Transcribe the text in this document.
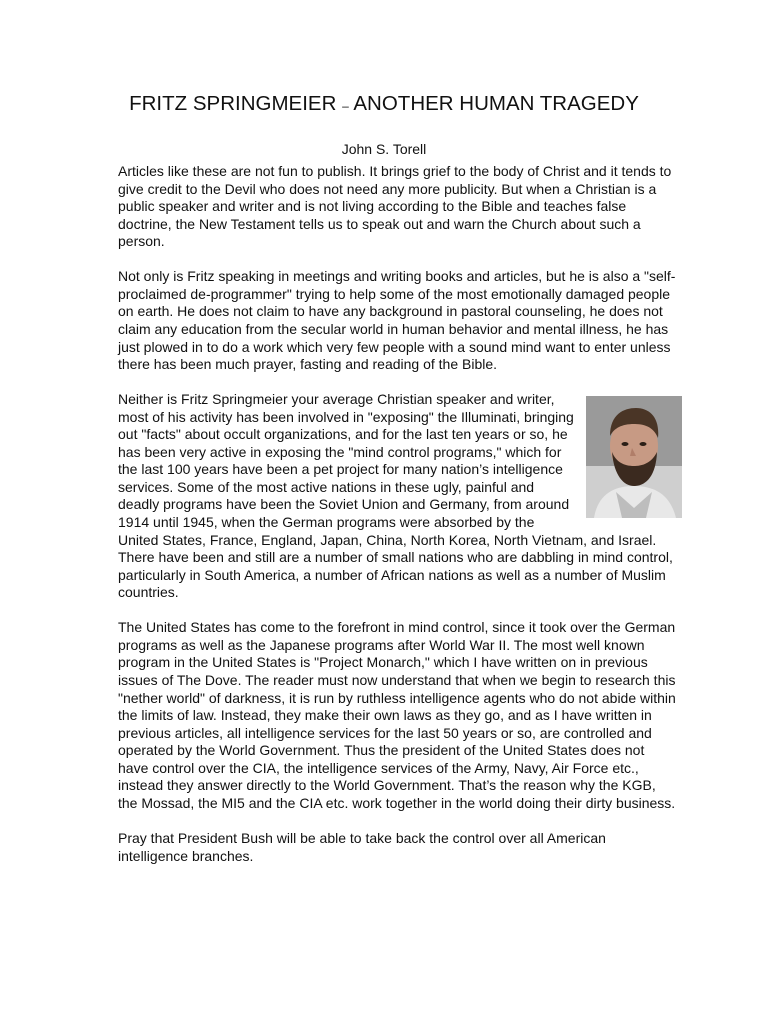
FRITZ SPRINGMEIER – ANOTHER HUMAN TRAGEDY
John S. Torell

Articles like these are not fun to publish. It brings grief to the body of Christ and it tends to give credit to the Devil who does not need any more publicity. But when a Christian is a public speaker and writer and is not living according to the Bible and teaches false doctrine, the New Testament tells us to speak out and warn the Church about such a person.

Not only is Fritz speaking in meetings and writing books and articles, but he is also a "self-proclaimed de-programmer" trying to help some of the most emotionally damaged people on earth. He does not claim to have any background in pastoral counseling, he does not claim any education from the secular world in human behavior and mental illness, he has just plowed in to do a work which very few people with a sound mind want to enter unless there has been much prayer, fasting and reading of the Bible.

Neither is Fritz Springmeier your average Christian speaker and writer, most of his activity has been involved in "exposing" the Illuminati, bringing out "facts" about occult organizations, and for the last ten years or so, he has been very active in exposing the "mind control programs," which for the last 100 years have been a pet project for many nation’s intelligence services. Some of the most active nations in these ugly, painful and deadly programs have been the Soviet Union and Germany, from around 1914 until 1945, when the German programs were absorbed by the United States, France, England, Japan, China, North Korea, North Vietnam, and Israel. There have been and still are a number of small nations who are dabbling in mind control, particularly in South America, a number of African nations as well as a number of Muslim countries.

The United States has come to the forefront in mind control, since it took over the German programs as well as the Japanese programs after World War II. The most well known program in the United States is "Project Monarch," which I have written on in previous issues of The Dove. The reader must now understand that when we begin to research this "nether world" of darkness, it is run by ruthless intelligence agents who do not abide within the limits of law. Instead, they make their own laws as they go, and as I have written in previous articles, all intelligence services for the last 50 years or so, are controlled and operated by the World Government. Thus the president of the United States does not have control over the CIA, the intelligence services of the Army, Navy, Air Force etc., instead they answer directly to the World Government. That’s the reason why the KGB, the Mossad, the MI5 and the CIA etc. work together in the world doing their dirty business.

Pray that President Bush will be able to take back the control over all American intelligence branches.
